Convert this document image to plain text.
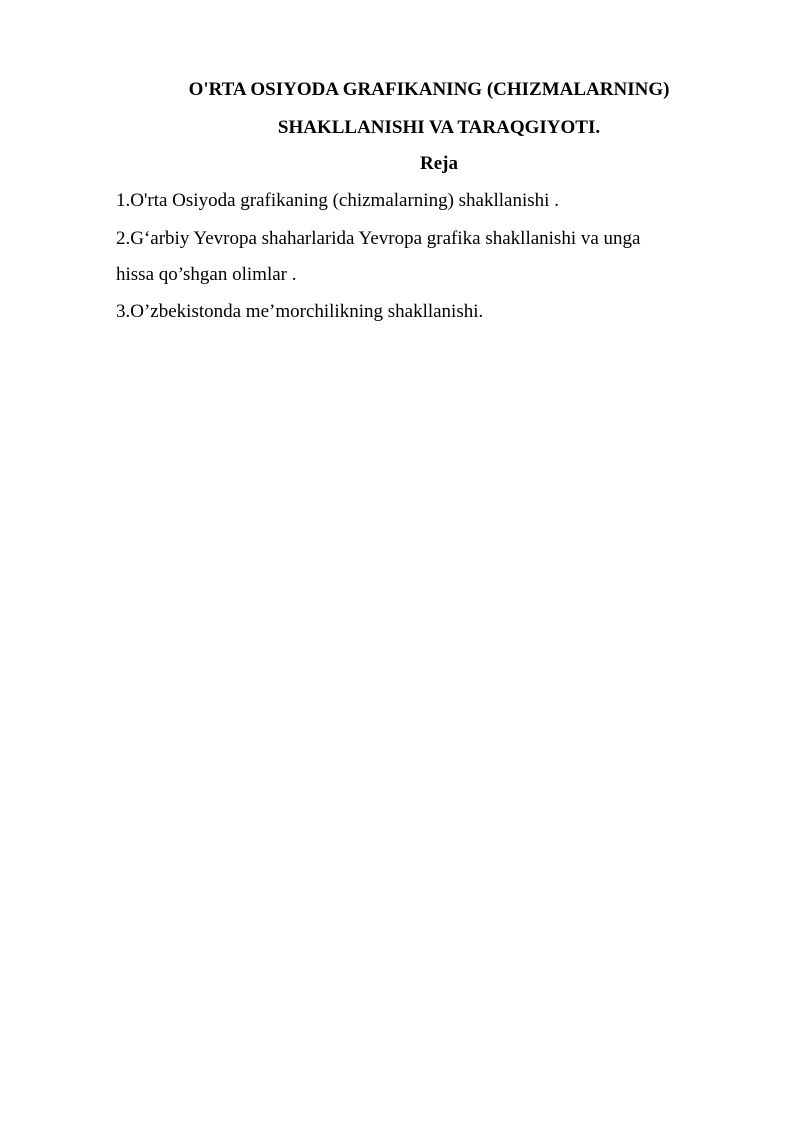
O'RTA OSIYODA GRAFIKANING (CHIZMALARNING)
SHAKLLANISHI VA TARAQGIYOTI.
Reja
1.O'rta Osiyoda grafikaning (chizmalarning) shakllanishi .
2.G‘arbiy Yevropa shaharlarida Yevropa grafika shakllanishi va unga
hissa qo’shgan olimlar .
3.O’zbekistonda me’morchilikning shakllanishi.
